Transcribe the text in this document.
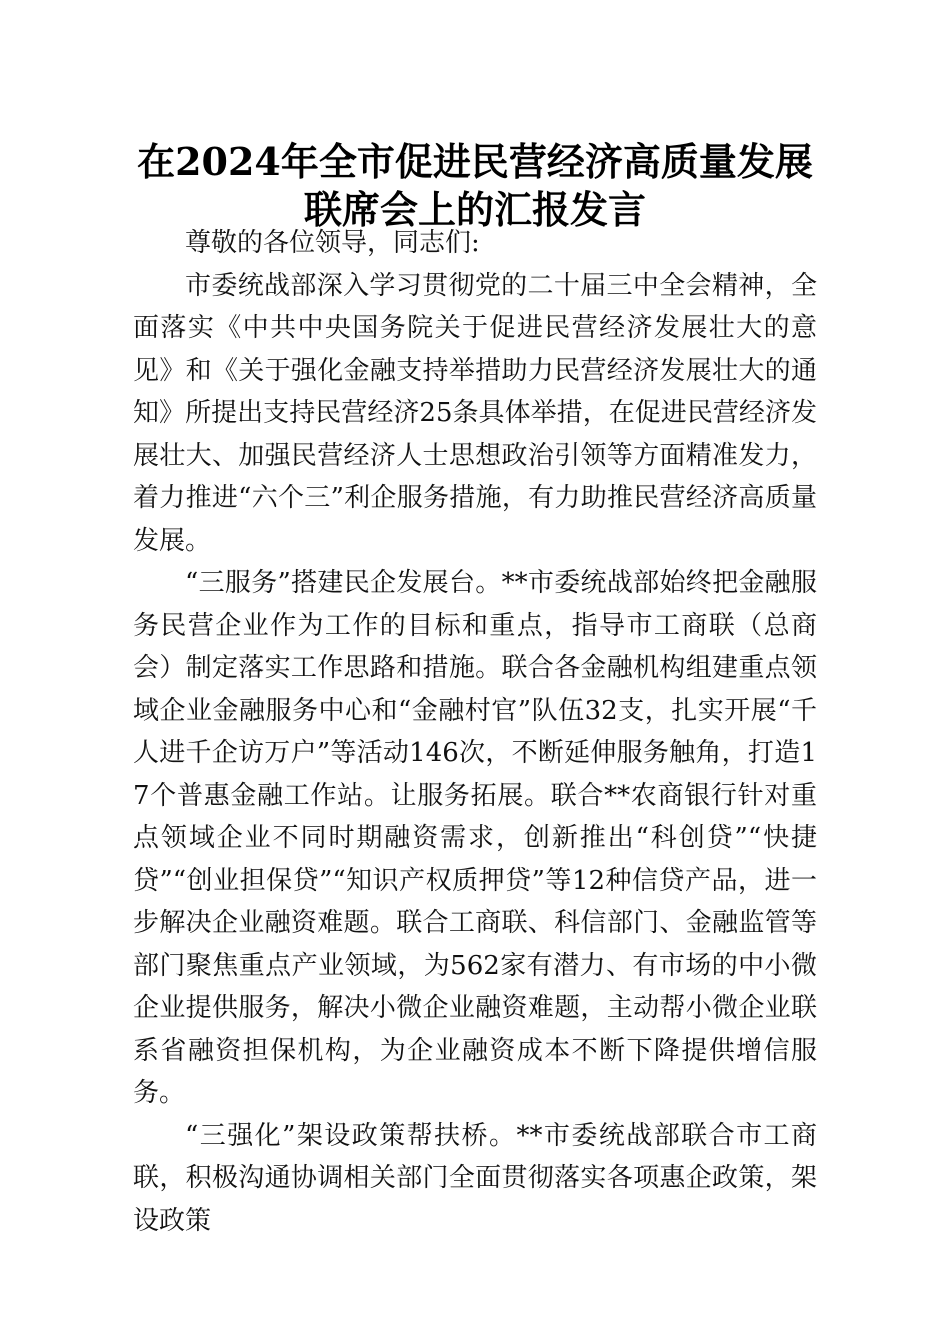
在2024年全市促进民营经济高质量发展联席会上的汇报发言

尊敬的各位领导，同志们:

市委统战部深入学习贯彻党的二十届三中全会精神，全面落实《中共中央国务院关于促进民营经济发展壮大的意见》和《关于强化金融支持举措助力民营经济发展壮大的通知》所提出支持民营经济25条具体举措，在促进民营经济发展壮大、加强民营经济人士思想政治引领等方面精准发力，着力推进“六个三”利企服务措施，有力助推民营经济高质量发展。

“三服务”搭建民企发展台。**市委统战部始终把金融服务民营企业作为工作的目标和重点，指导市工商联（总商会）制定落实工作思路和措施。联合各金融机构组建重点领域企业金融服务中心和“金融村官”队伍32支，扎实开展“千人进千企访万户”等活动146次，不断延伸服务触角，打造17个普惠金融工作站。让服务拓展。联合**农商银行针对重点领域企业不同时期融资需求，创新推出“科创贷”“快捷贷”“创业担保贷”“知识产权质押贷”等12种信贷产品，进一步解决企业融资难题。联合工商联、科信部门、金融监管等部门聚焦重点产业领域，为562家有潜力、有市场的中小微企业提供服务，解决小微企业融资难题，主动帮小微企业联系省融资担保机构，为企业融资成本不断下降提供增信服务。

“三强化”架设政策帮扶桥。**市委统战部联合市工商联，积极沟通协调相关部门全面贯彻落实各项惠企政策，架设政策
